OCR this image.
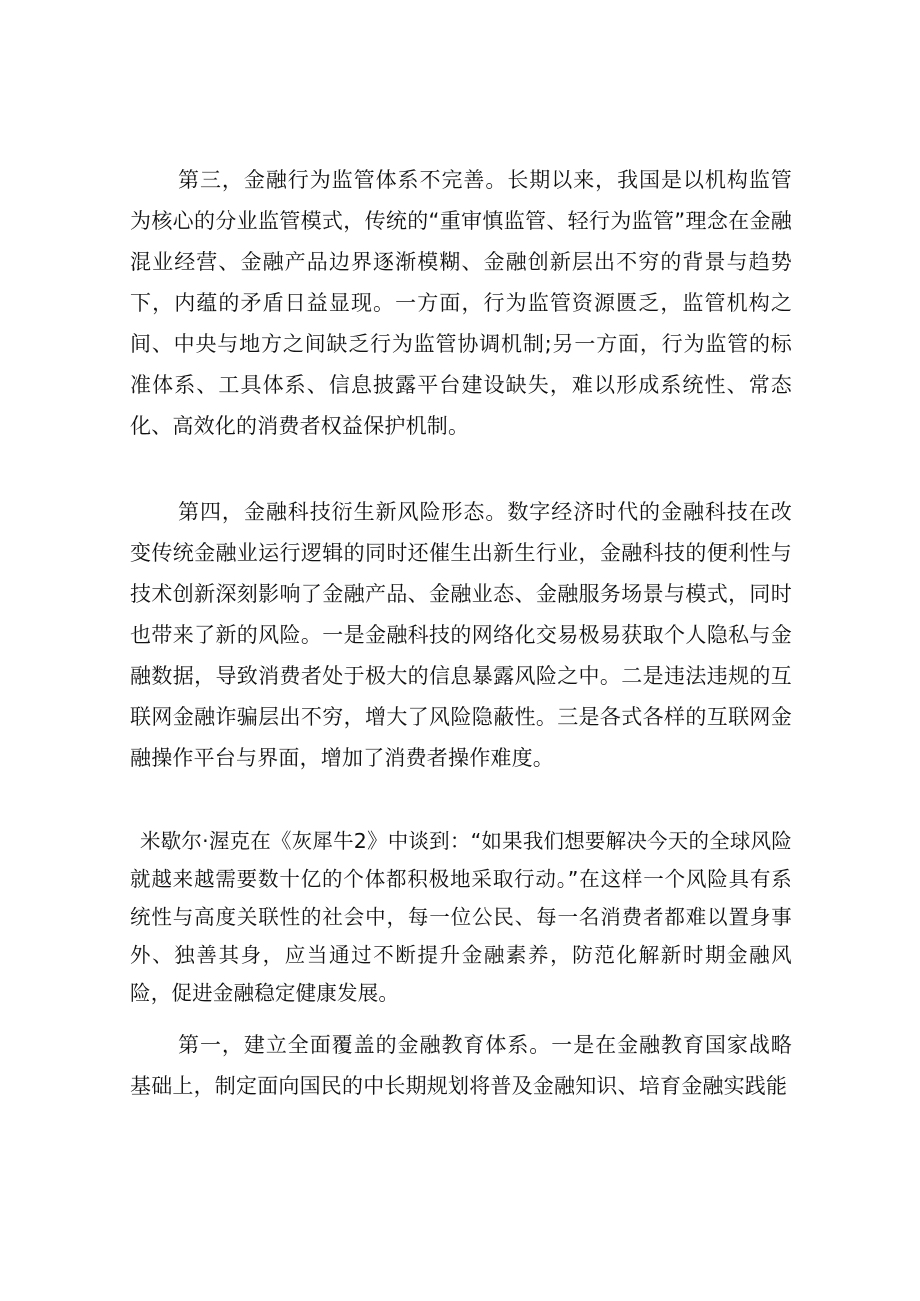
第三，金融行为监管体系不完善。长期以来，我国是以机构监管为核心的分业监管模式，传统的“重审慎监管、轻行为监管”理念在金融混业经营、金融产品边界逐渐模糊、金融创新层出不穷的背景与趋势下，内蕴的矛盾日益显现。一方面，行为监管资源匮乏，监管机构之间、中央与地方之间缺乏行为监管协调机制;另一方面，行为监管的标准体系、工具体系、信息披露平台建设缺失，难以形成系统性、常态化、高效化的消费者权益保护机制。

第四，金融科技衍生新风险形态。数字经济时代的金融科技在改变传统金融业运行逻辑的同时还催生出新生行业，金融科技的便利性与技术创新深刻影响了金融产品、金融业态、金融服务场景与模式，同时也带来了新的风险。一是金融科技的网络化交易极易获取个人隐私与金融数据，导致消费者处于极大的信息暴露风险之中。二是违法违规的互联网金融诈骗层出不穷，增大了风险隐蔽性。三是各式各样的互联网金融操作平台与界面，增加了消费者操作难度。

米歇尔·渥克在《灰犀牛2》中谈到：“如果我们想要解决今天的全球风险就越来越需要数十亿的个体都积极地采取行动。”在这样一个风险具有系统性与高度关联性的社会中，每一位公民、每一名消费者都难以置身事外、独善其身，应当通过不断提升金融素养，防范化解新时期金融风险，促进金融稳定健康发展。

第一，建立全面覆盖的金融教育体系。一是在金融教育国家战略基础上，制定面向国民的中长期规划将普及金融知识、培育金融实践能
